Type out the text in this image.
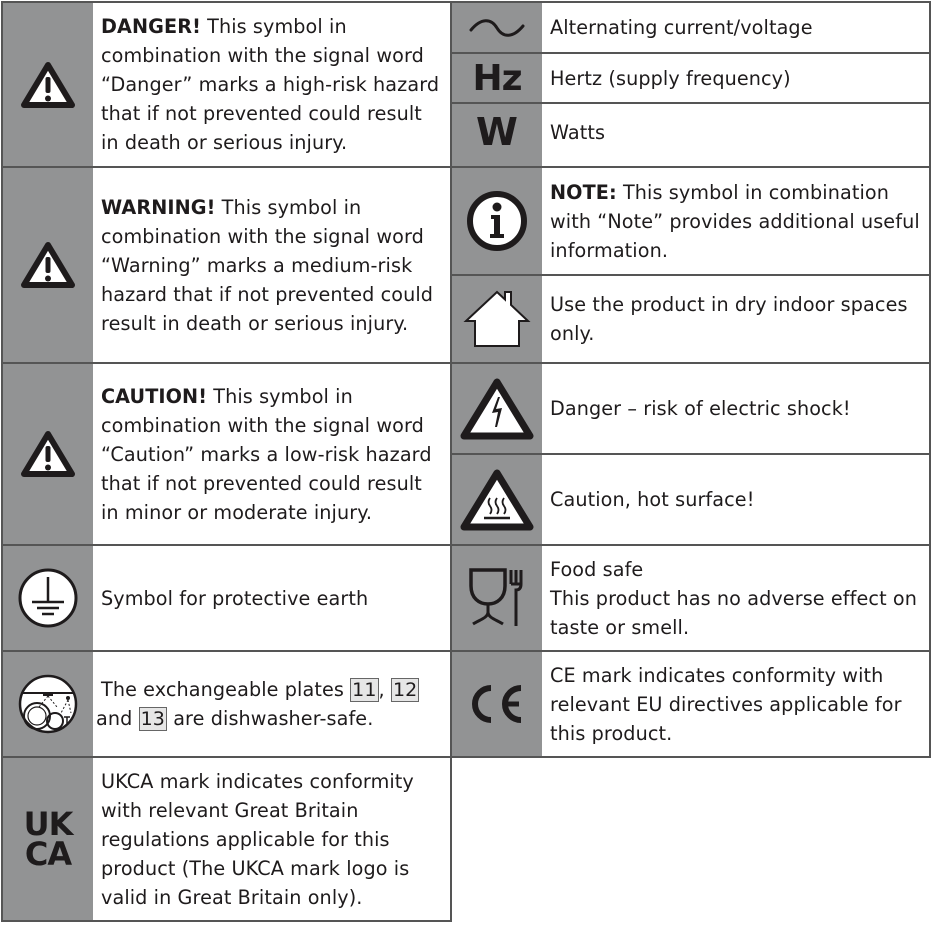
DANGER! This symbol in combination with the signal word “Danger” marks a high-risk hazard that if not prevented could result in death or serious injury.
WARNING! This symbol in combination with the signal word “Warning” marks a medium-risk hazard that if not prevented could result in death or serious injury.
CAUTION! This symbol in combination with the signal word “Caution” marks a low-risk hazard that if not prevented could result in minor or moderate injury.
Symbol for protective earth
The exchangeable plates 11 , 12
and 13 are dishwasher-safe.
UK
CA
UKCA mark indicates conformity with relevant Great Britain regulations applicable for this product (The UKCA mark logo is valid in Great Britain only).
Alternating current/voltage
Hz Hertz (supply frequency)
W Watts
NOTE: This symbol in combination with “Note” provides additional useful information.
Use the product in dry indoor spaces only.
Danger – risk of electric shock!
Caution, hot surface!
Food safe
This product has no adverse effect on taste or smell.
CE mark indicates conformity with relevant EU directives applicable for this product.
